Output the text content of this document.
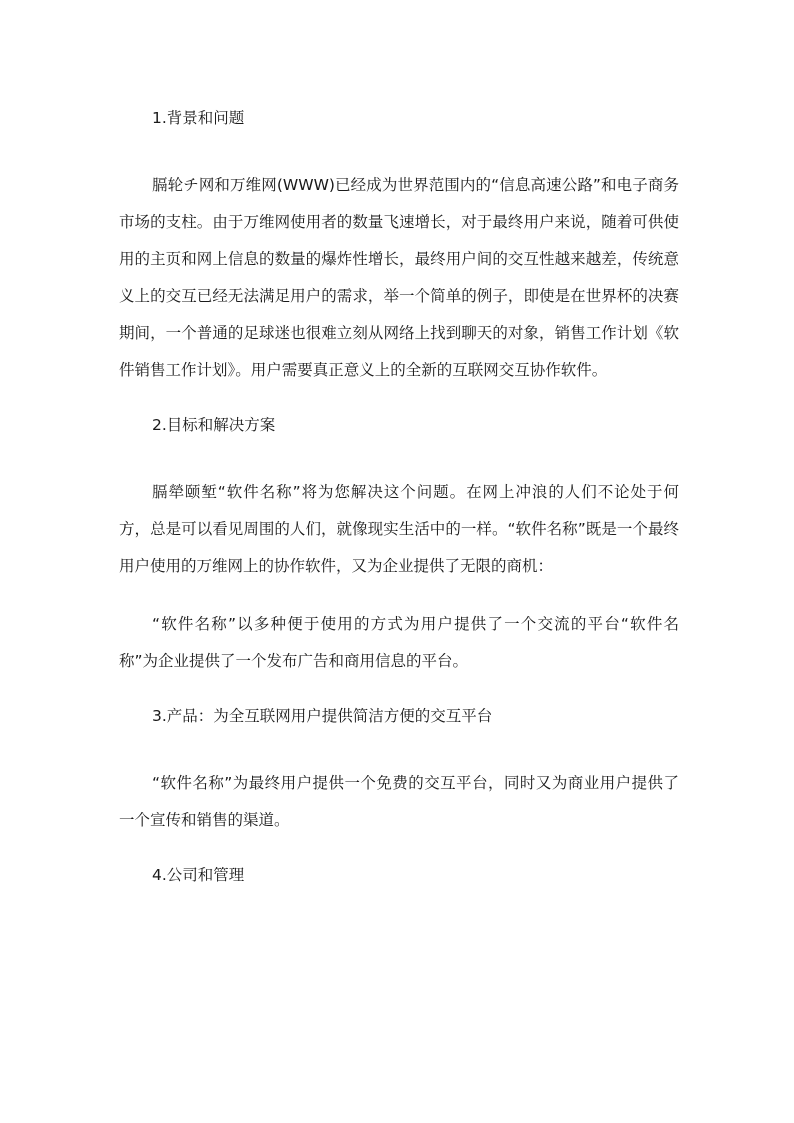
1.背景和问题

膈轮チ网和万维网(WWW)已经成为世界范围内的“信息高速公路”和电子商务市场的支柱。由于万维网使用者的数量飞速增长，对于最终用户来说，随着可供使用的主页和网上信息的数量的爆炸性增长，最终用户间的交互性越来越差，传统意义上的交互已经无法满足用户的需求，举一个简单的例子，即使是在世界杯的决赛期间，一个普通的足球迷也很难立刻从网络上找到聊天的对象，销售工作计划《软件销售工作计划》。用户需要真正意义上的全新的互联网交互协作软件。

2.目标和解决方案

膈犖颐堑“软件名称”将为您解决这个问题。在网上冲浪的人们不论处于何方，总是可以看见周围的人们，就像现实生活中的一样。“软件名称”既是一个最终用户使用的万维网上的协作软件，又为企业提供了无限的商机：

“软件名称”以多种便于使用的方式为用户提供了一个交流的平台“软件名称”为企业提供了一个发布广告和商用信息的平台。

3.产品：为全互联网用户提供简洁方便的交互平台

“软件名称”为最终用户提供一个免费的交互平台，同时又为商业用户提供了一个宣传和销售的渠道。

4.公司和管理
